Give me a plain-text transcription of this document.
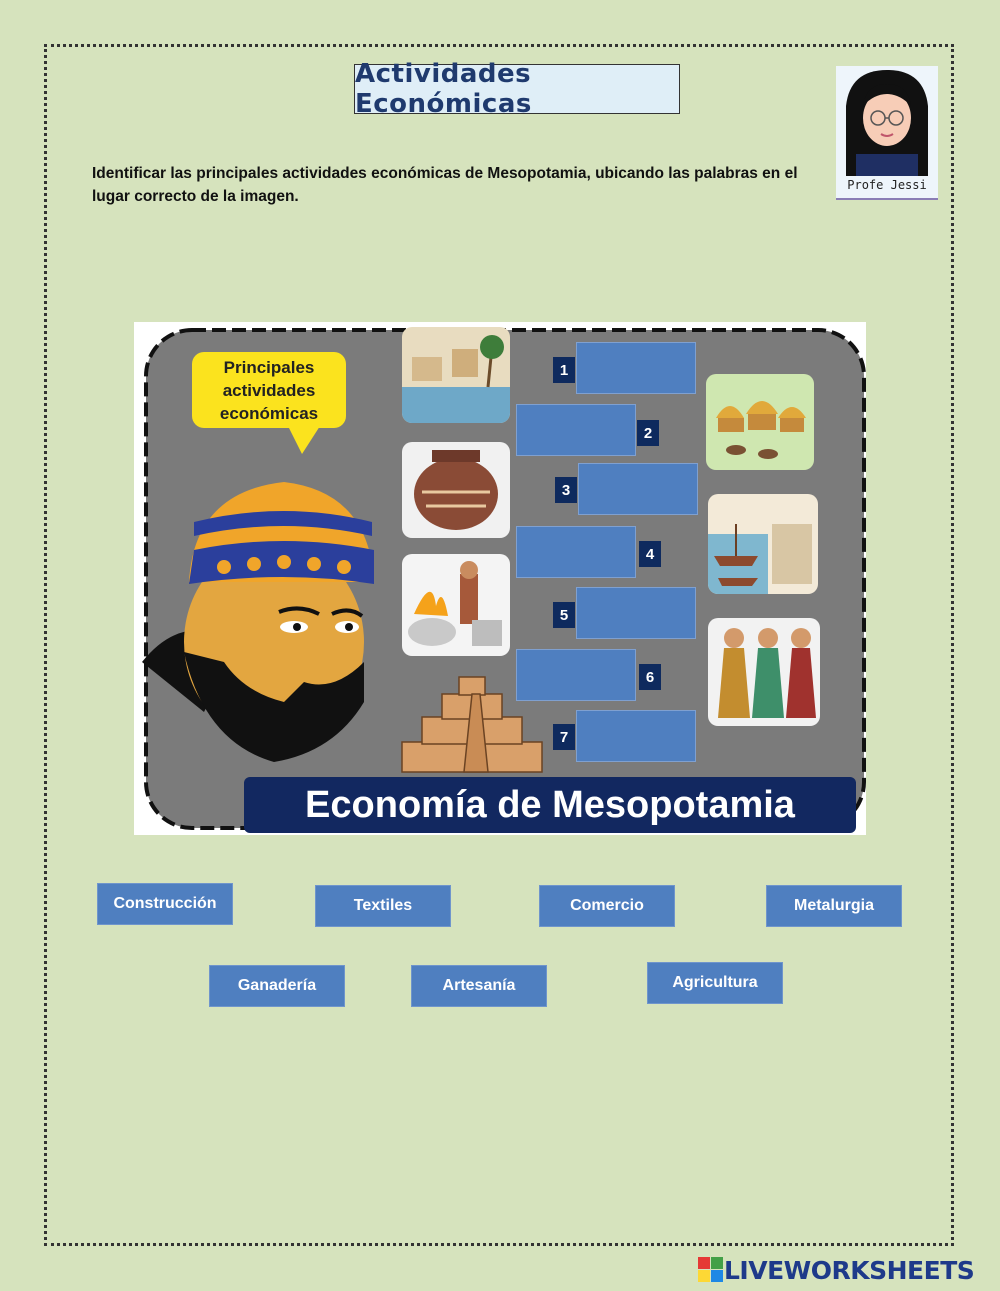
Actividades Económicas
Profe Jessi
Identificar las principales actividades económicas de Mesopotamia, ubicando las palabras en el lugar correcto de la imagen.
Principales actividades económicas
1
2
3
4
5
6
7
Economía de Mesopotamia
Construcción	Textiles	Comercio	Metalurgia
Ganadería	Artesanía	Agricultura
LIVEWORKSHEETS
